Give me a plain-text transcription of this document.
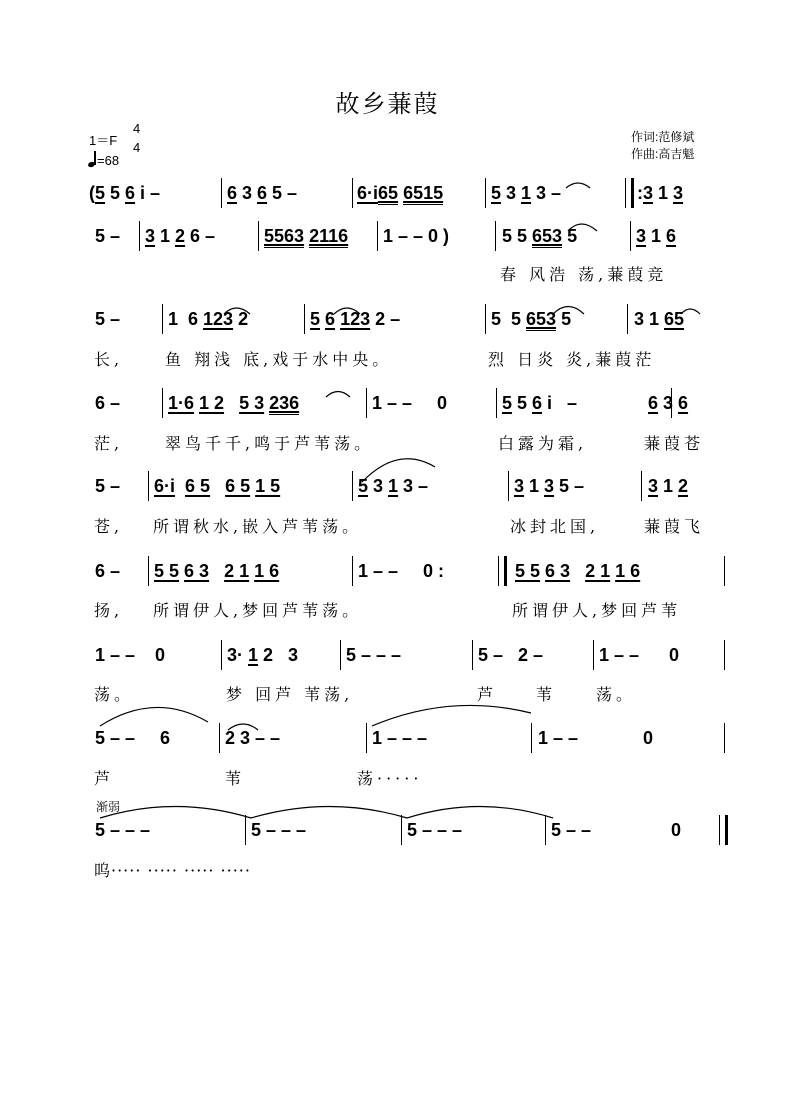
故乡蒹葭
1＝F
4
4
=68
作词:范修斌
作曲:高吉魁
(5 5 6 i –	6 3 6 5 –	6·i65 6515	5 3 1 3 –	:3 1 3
5 – 3 1 2 6 –	5563 2116 1 – – 0 )	5 5 653 5	3 1 6
春 风浩 荡,蒹葭竞
5 –	1  6 123 2	5 6 123 2 –	5  5 653 5	3 1 65
长,	鱼 翔浅 底,戏于水中央。	烈 日炎 炎,蒹葭茫
6 –	1·6 1 2 5 3 236	1 – –     0	5 5 6 i   –	6 3 6
茫,	翠鸟千千,鸣于芦苇荡。	白露为霜,	蒹葭苍
5 – 6·i 6 5 6 5 1 5	5 3 1 3 –	3 1 3 5 –	3 1 2
苍, 所谓秋水,嵌入芦苇荡。	冰封北国,	蒹葭飞
6 – 5 5 6 3 2 1 1 6	1 – –     0 :	5 5 6 3 2 1 1 6
扬, 所谓伊人,梦回芦苇荡。	所谓伊人,梦回芦苇
1 – –    0	3· 1 2   3	5 – – –	5 –   2 –	1 – –      0
荡。	梦 回芦 苇荡,	芦 苇 荡。
5 – –     6	2 3 – –	1 – – –	1 – –             0
芦	苇	荡·····
渐弱
5 – – –	5 – – –	5 – – –	5 – –                0
呜····· ····· ····· ·····
